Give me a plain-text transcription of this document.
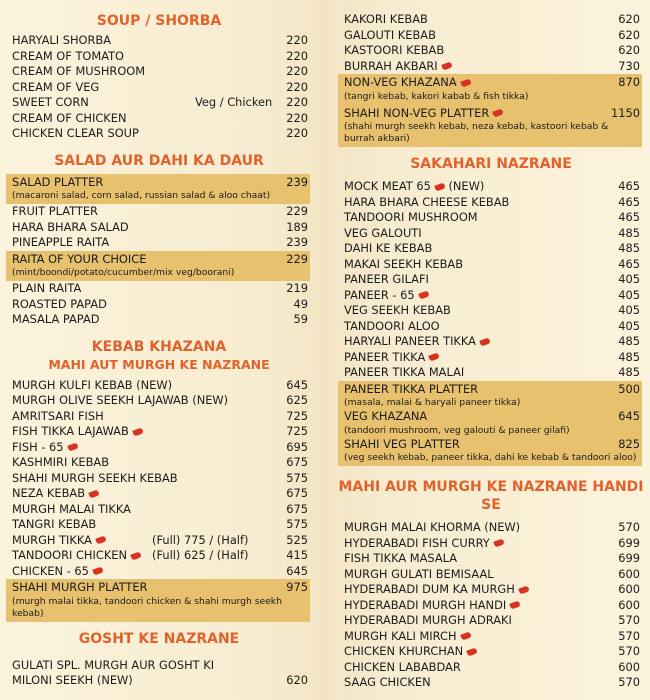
SOUP / SHORBA
HARYALI SHORBA	220
CREAM OF TOMATO	220
CREAM OF MUSHROOM	220
CREAM OF VEG	220
SWEET CORN	Veg / Chicken 220
CREAM OF CHICKEN	220
CHICKEN CLEAR SOUP	220
SALAD AUR DAHI KA DAUR
SALAD PLATTER	239
(macaroni salad, corn salad, russian salad & aloo chaat)
FRUIT PLATTER	229
HARA BHARA SALAD	189
PINEAPPLE RAITA	239
RAITA OF YOUR CHOICE	229
(mint/boondi/potato/cucumber/mix veg/boorani)
PLAIN RAITA	219
ROASTED PAPAD	49
MASALA PAPAD	59
KEBAB KHAZANA
MAHI AUT MURGH KE NAZRANE
MURGH KULFI KEBAB (NEW)	645
MURGH OLIVE SEEKH LAJAWAB (NEW)	625
AMRITSARI FISH	725
FISH TIKKA LAJAWAB	725
FISH - 65	695
KASHMIRI KEBAB	675
SHAHI MURGH SEEKH KEBAB	575
NEZA KEBAB	675
MURGH MALAI TIKKA	675
TANGRI KEBAB	575
MURGH TIKKA	(Full) 775 / (Half)	525
TANDOORI CHICKEN	(Full) 625 / (Half)	415
CHICKEN - 65	645
SHAHI MURGH PLATTER	975
(murgh malai tikka, tandoori chicken & shahi murgh seekh kebab)
GOSHT KE NAZRANE
GULATI SPL. MURGH AUR GOSHT KI
MILONI SEEKH (NEW)	620
KAKORI KEBAB	620
GALOUTI KEBAB	620
KASTOORI KEBAB	620
BURRAH AKBARI	730
NON-VEG KHAZANA	870
(tangri kebab, kakori kabab & fish tikka)
SHAHI NON-VEG PLATTER	1150
(shahi murgh seekh kebab, neza kebab, kastoori kebab & burrah akbari)
SAKAHARI NAZRANE
MOCK MEAT 65 (NEW)	465
HARA BHARA CHEESE KEBAB	465
TANDOORI MUSHROOM	465
VEG GALOUTI	485
DAHI KE KEBAB	485
MAKAI SEEKH KEBAB	465
PANEER GILAFI	405
PANEER - 65	405
VEG SEEKH KEBAB	405
TANDOORI ALOO	405
HARYALI PANEER TIKKA	485
PANEER TIKKA	485
PANEER TIKKA MALAI	485
PANEER TIKKA PLATTER	500
(masala, malai & haryali paneer tikka)
VEG KHAZANA	645
(tandoori mushroom, veg galouti & paneer gilafi)
SHAHI VEG PLATTER	825
(veg seekh kebab, paneer tikka, dahi ke kebab & tandoori aloo)
MAHI AUR MURGH KE NAZRANE HANDI SE
MURGH MALAI KHORMA (NEW)	570
HYDERABADI FISH CURRY	699
FISH TIKKA MASALA	699
MURGH GULATI BEMISAAL	600
HYDERABADI DUM KA MURGH	600
HYDERABADI MURGH HANDI	600
HYDERABADI MURGH ADRAKI	570
MURGH KALI MIRCH	570
CHICKEN KHURCHAN	570
CHICKEN LABABDAR	600
SAAG CHICKEN	570
